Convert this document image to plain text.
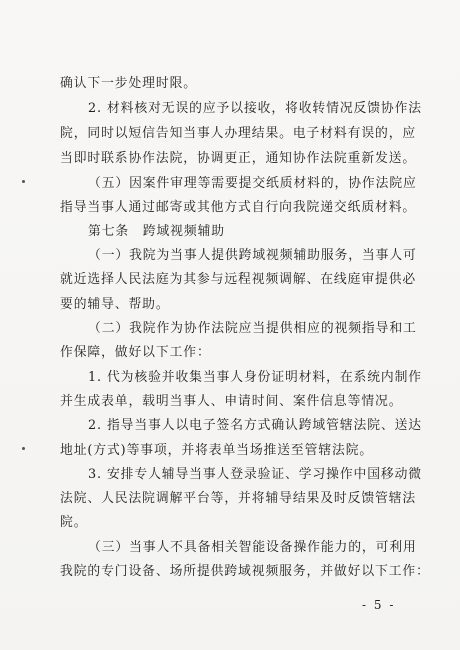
确认下一步处理时限。
2. 材料核对无误的应予以接收，将收转情况反馈协作法
院，同时以短信告知当事人办理结果。电子材料有误的，应
当即时联系协作法院，协调更正，通知协作法院重新发送。
（五）因案件审理等需要提交纸质材料的，协作法院应
指导当事人通过邮寄或其他方式自行向我院递交纸质材料。
第七条　跨域视频辅助
（一）我院为当事人提供跨域视频辅助服务，当事人可
就近选择人民法庭为其参与远程视频调解、在线庭审提供必
要的辅导、帮助。
（二）我院作为协作法院应当提供相应的视频指导和工
作保障，做好以下工作：
1. 代为核验并收集当事人身份证明材料，在系统内制作
并生成表单，载明当事人、申请时间、案件信息等情况。
2. 指导当事人以电子签名方式确认跨域管辖法院、送达
地址(方式)等事项，并将表单当场推送至管辖法院。
3. 安排专人辅导当事人登录验证、学习操作中国移动微
法院、人民法院调解平台等，并将辅导结果及时反馈管辖法
院。
（三）当事人不具备相关智能设备操作能力的，可利用
我院的专门设备、场所提供跨域视频服务，并做好以下工作：
- 5 -
